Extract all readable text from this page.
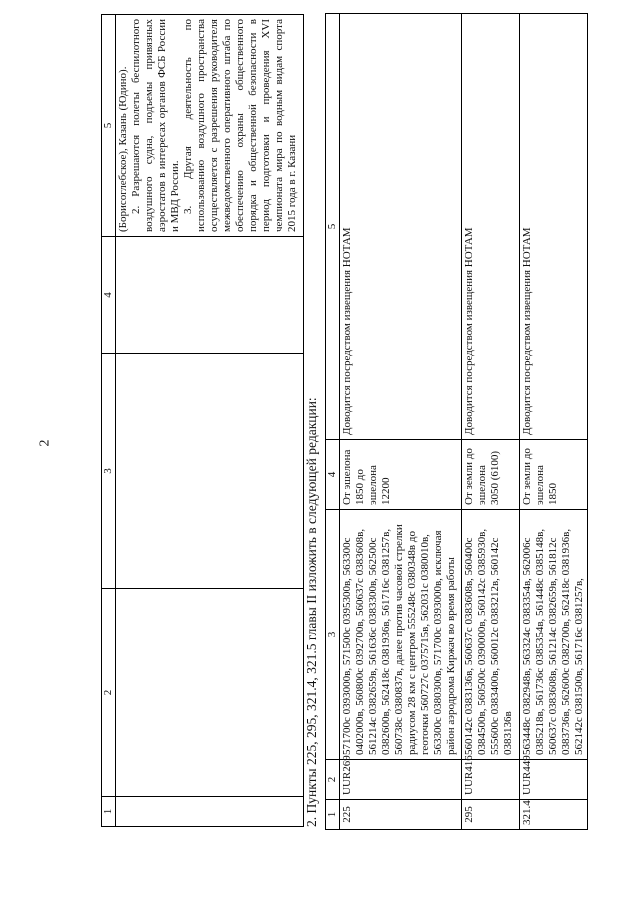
2
1	2	3	4	5

				(Борисоглебское), Казань (Юдино). 2. Разрешаются полеты беспилотного воздушного судна, подъемы привязных аэростатов в интересах органов ФСБ России и МВД России. 3. Другая деятельность по использованию воздушного пространства осуществляется с разрешения руководителя межведомственного оперативного штаба по обеспечению охраны общественного порядка и общественной безопасности в период подготовки и проведения XVI чемпионата мира по водным видам спорта 2015 года в г. Казани

2. Пункты 225, 295, 321.4, 321.5 главы II изложить в следующей редакции: 1	2	3	4	5
225	UUR269	571700с 0393000в, 571500с 0395300в, 563300с 0402000в, 560800с 0392700в, 560637с 0383608в, 561214с 0382659в, 561636с 0383300в, 562500с 0382600в, 562418с 0381936в, 561716с 0381257в, 560738с 0380837в, далее против часовой стрелки радиусом 28 км с центром 555248с 0380348в до геоточки 560727с 0375715в, 562031с 0380010в, 563300с 0380300в, 571700с 0393000в, исключая район аэродрома Киржач во время работы	От эшелона 1850 до эшелона 12200	Доводится посредством извещения НОТАМ
295	UUR416	560142с 0383136в, 560637с 0383608в, 560400с 0384500в, 560500с 0390000в, 560142с 0385930в, 555600с 0383400в, 560012с 0383212в, 560142с 0383136в	От земли до эшелона 3050 (6100)	Доводится посредством извещения НОТАМ
321.4	UUR449	563448с 0382948в, 563324с 0383354в, 562006с 0385218в, 561736с 0385354в, 561448с 0385148в, 560637с 0383608в, 561214с 0382659в, 561812с 0383736в, 562600с 0382700в, 562418с 0381936в, 562142с 0381500в, 561716с 0381257в,	От земли до эшелона 1850	Доводится посредством извещения НОТАМ
